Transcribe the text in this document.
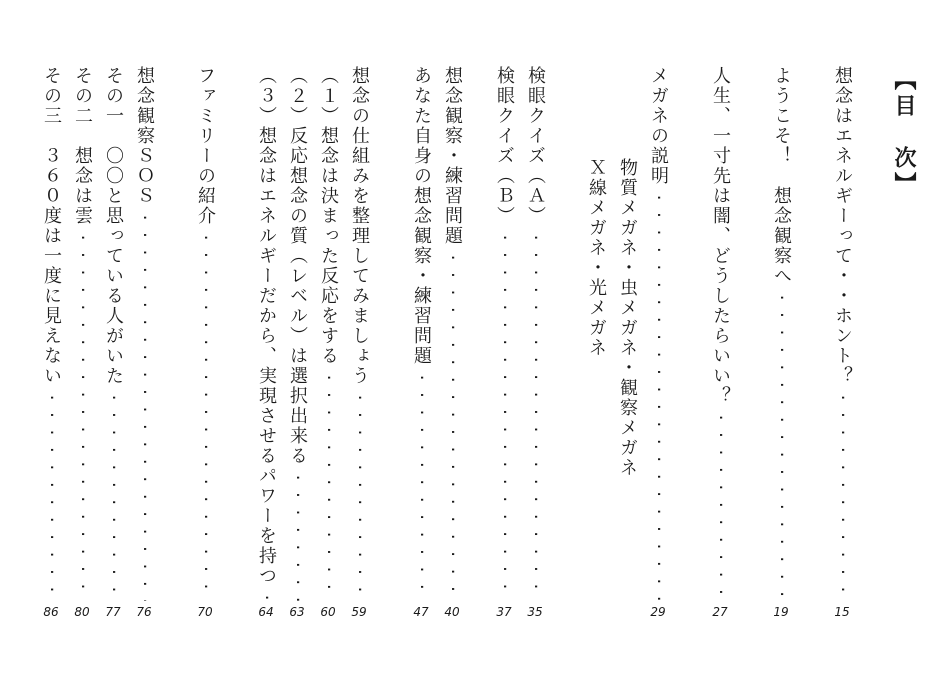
【目　次】
想念はエネルギーって・・ホント？ · · ·
ようこそ！　想念観察へ · · ·
人生、一寸先は闇、どうしたらいい？ · · ·
メガネの説明 · · ·
物質メガネ・虫メガネ・観察メガネ
Ｘ線メガネ・光メガネ
検眼クイズ（Ａ） · · ·
検眼クイズ（Ｂ） · · ·
想念観察・練習問題 · · ·
あなた自身の想念観察・練習問題 · · ·
想念の仕組みを整理してみましょう · · ·
（１）想念は決まった反応をする · · ·
（２）反応想念の質（レベル）は選択出来る · · ·
（３）想念はエネルギーだから、実現させるパワーを持つ · · ·
ファミリーの紹介 · · ·
想念観察ＳＯＳ · · ·
その一　〇〇と思っている人がいた · · ·
その二　想念は雲 · · ·
その三　３６０度は一度に見えない · · ·
15
19
27
29
35
37
40
47
59
60
63
64
70
76
77
80
86
